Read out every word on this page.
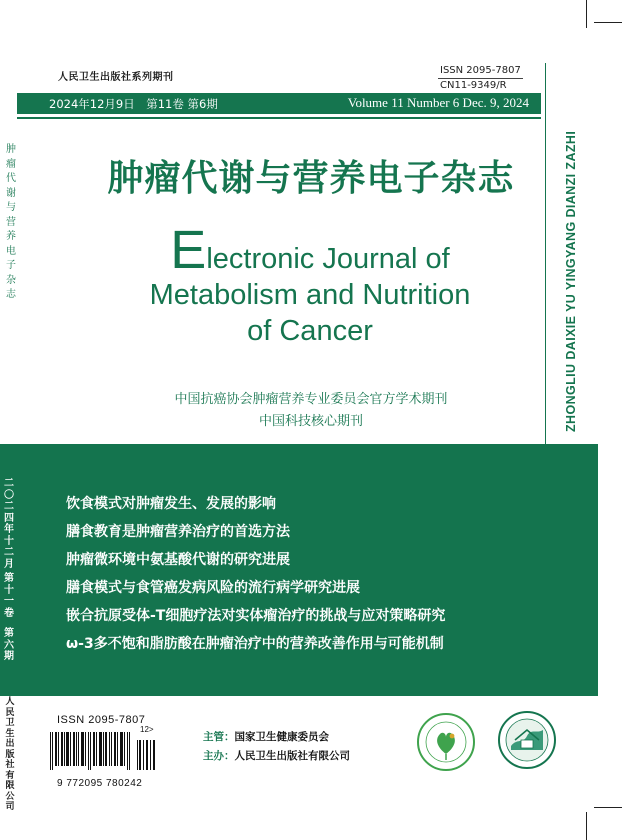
人民卫生出版社系列期刊
ISSN 2095-7807
CN11-9349/R
2024年12月9日　第11卷 第6期	Volume 11 Number 6 Dec. 9, 2024
ZHONGLIU DAIXIE YU YINGYANG DIANZI ZAZHI
肿瘤代谢与营养电子杂志
肿瘤代谢与营养电子杂志
Electronic Journal of
Metabolism and Nutrition
of Cancer
中国抗癌协会肿瘤营养专业委员会官方学术期刊
中国科技核心期刊
二〇二四年十二月
第十一卷
第六期
饮食模式对肿瘤发生、发展的影响
膳食教育是肿瘤营养治疗的首选方法
肿瘤微环境中氨基酸代谢的研究进展
膳食模式与食管癌发病风险的流行病学研究进展
嵌合抗原受体-T细胞疗法对实体瘤治疗的挑战与应对策略研究
ω-3多不饱和脂肪酸在肿瘤治疗中的营养改善作用与可能机制
人民卫生出版社有限公司
ISSN 2095-7807
12>
9 772095 780242
主管：国家卫生健康委员会
主办：人民卫生出版社有限公司
